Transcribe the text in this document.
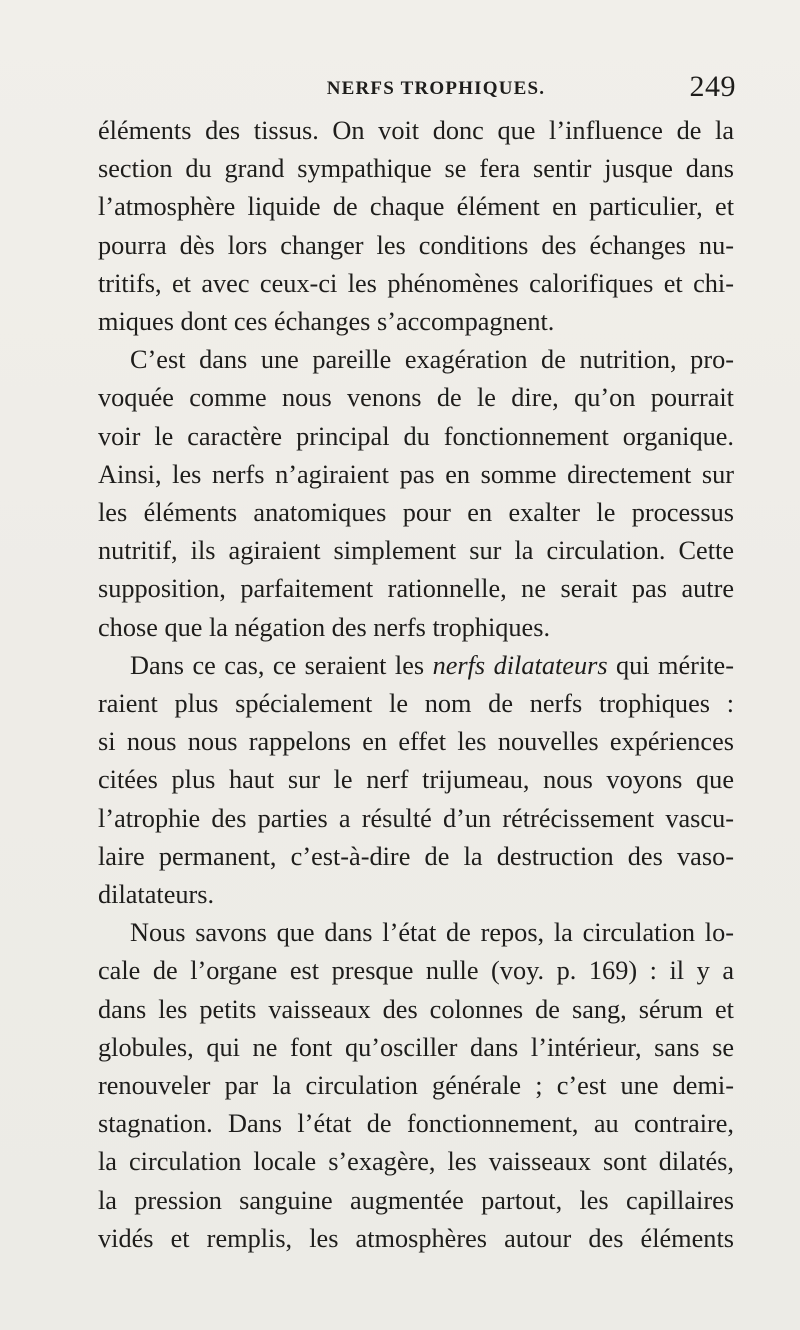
NERFS TROPHIQUES.	249

éléments des tissus. On voit donc que l’influence de la
section du grand sympathique se fera sentir jusque dans
l’atmosphère liquide de chaque élément en particulier, et
pourra dès lors changer les conditions des échanges nu-
tritifs, et avec ceux-ci les phénomènes calorifiques et chi-
miques dont ces échanges s’accompagnent.

C’est dans une pareille exagération de nutrition, pro-
voquée comme nous venons de le dire, qu’on pourrait
voir le caractère principal du fonctionnement organique.
Ainsi, les nerfs n’agiraient pas en somme directement sur
les éléments anatomiques pour en exalter le processus
nutritif, ils agiraient simplement sur la circulation. Cette
supposition, parfaitement rationnelle, ne serait pas autre
chose que la négation des nerfs trophiques.

Dans ce cas, ce seraient les nerfs dilatateurs qui mérite-
raient plus spécialement le nom de nerfs trophiques :
si nous nous rappelons en effet les nouvelles expériences
citées plus haut sur le nerf trijumeau, nous voyons que
l’atrophie des parties a résulté d’un rétrécissement vascu-
laire permanent, c’est-à-dire de la destruction des vaso-
dilatateurs.

Nous savons que dans l’état de repos, la circulation lo-
cale de l’organe est presque nulle (voy. p. 169) : il y a
dans les petits vaisseaux des colonnes de sang, sérum et
globules, qui ne font qu’osciller dans l’intérieur, sans se
renouveler par la circulation générale ; c’est une demi-
stagnation. Dans l’état de fonctionnement, au contraire,
la circulation locale s’exagère, les vaisseaux sont dilatés,
la pression sanguine augmentée partout, les capillaires
vidés et remplis, les atmosphères autour des éléments
